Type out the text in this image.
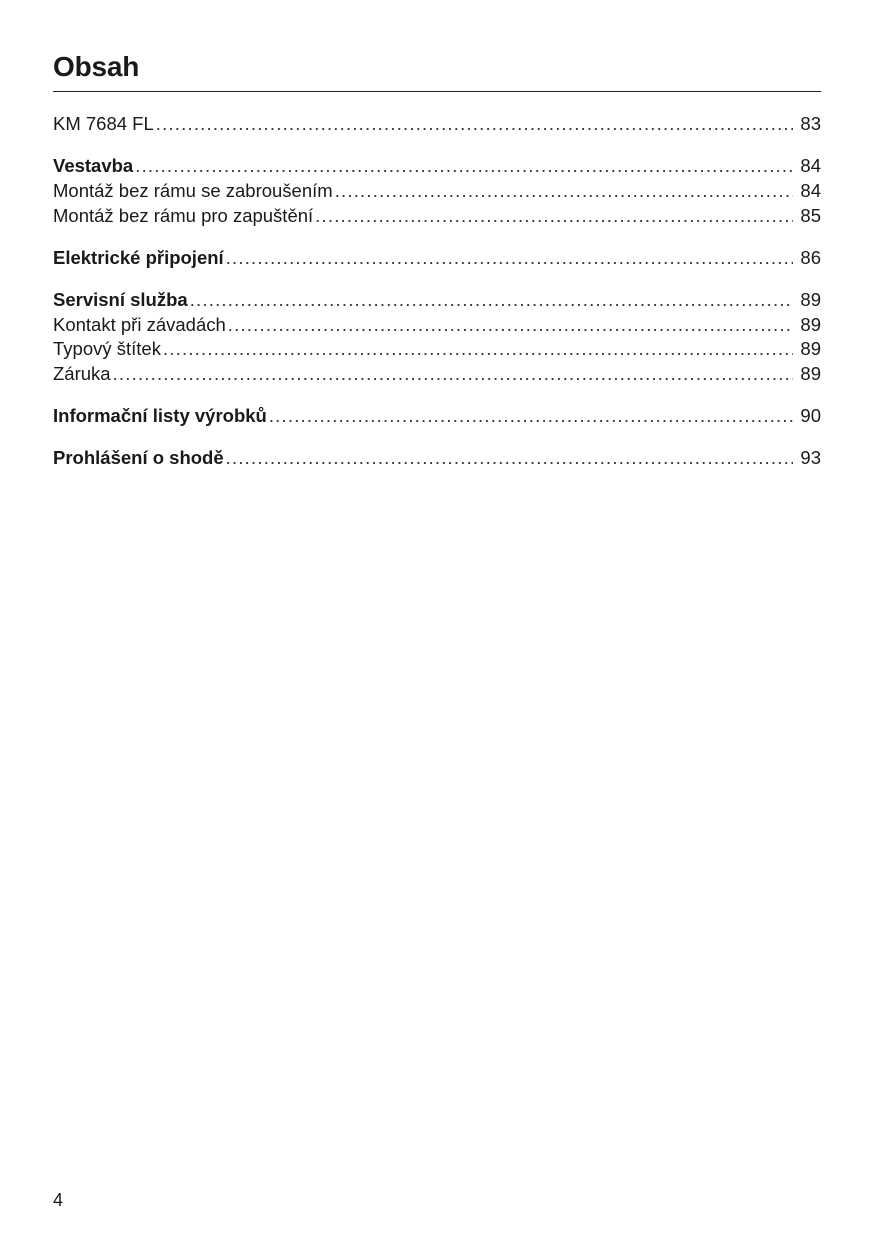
Obsah
KM 7684 FL .....	83
Vestavba .....	84
Montáž bez rámu se zabroušením .....	84
Montáž bez rámu pro zapuštění .....	85
Elektrické připojení .....	86
Servisní služba .....	89
Kontakt při závadách .....	89
Typový štítek .....	89
Záruka .....	89
Informační listy výrobků .....	90
Prohlášení o shodě .....	93
4
